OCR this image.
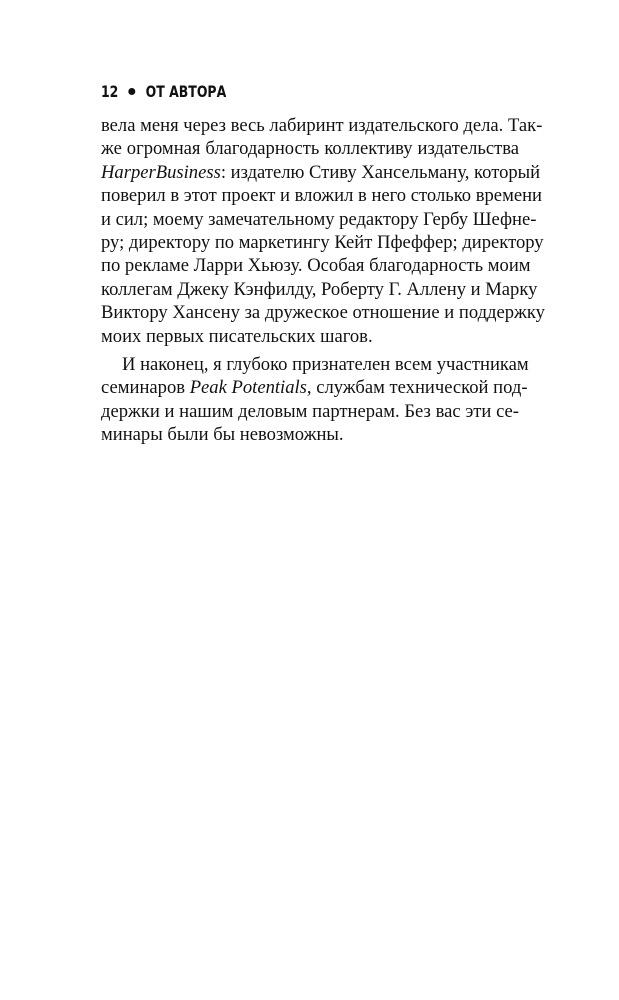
12 ОТ АВТОРА
вела меня через весь лабиринт издательского дела. Так-
же огромная благодарность коллективу издательства
HarperBusiness: издателю Стиву Хансельману, который
поверил в этот проект и вложил в него столько времени
и сил; моему замечательному редактору Гербу Шефне-
ру; директору по маркетингу Кейт Пфеффер; директору
по рекламе Ларри Хьюзу. Особая благодарность моим
коллегам Джеку Кэнфилду, Роберту Г. Аллену и Марку
Виктору Хансену за дружеское отношение и поддержку
моих первых писательских шагов.
И наконец, я глубоко признателен всем участникам
семинаров Peak Potentials, службам технической под-
держки и нашим деловым партнерам. Без вас эти се-
минары были бы невозможны.
